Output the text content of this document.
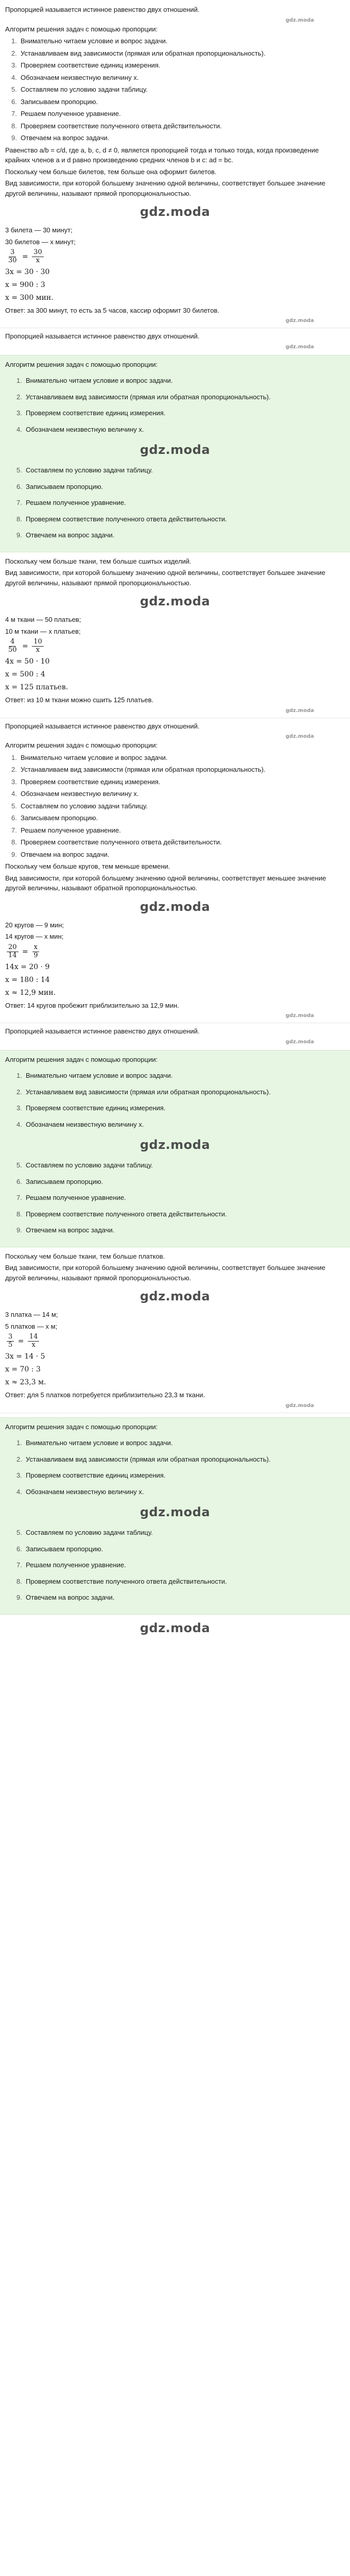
Пропорцией называется истинное равенство двух отношений.

gdz.moda
Алгоритм решения задач с помощью пропорции:
1. Внимательно читаем условие и вопрос задачи.
2. Устанавливаем вид зависимости (прямая или обратная пропорциональность).
3. Проверяем соответствие единиц измерения.
4. Обозначаем неизвестную величину x.
5. Составляем по условию задачи таблицу.
6. Записываем пропорцию.
7. Решаем полученное уравнение.
8. Проверяем соответствие полученного ответа действительности.
9. Отвечаем на вопрос задачи.

Равенство a/b = c/d, где a, b, c, d ≠ 0, является пропорцией тогда и только тогда, когда произведение крайних членов a и d равно произведению средних членов b и c: ad = bc.

Поскольку чем больше билетов, тем больше она оформит билетов.

Вид зависимости, при которой большему значению одной величины, соответствует большее значение другой величины, называют прямой пропорциональностью.

gdz.moda

3 билета — 30 минут;

30 билетов — x минут;

$\frac{3}{30} = \frac{30}{x}$
3x = 30 · 30
x = 900 : 3
x = 300 мин.

Ответ: за 300 минут, то есть за 5 часов, кассир оформит 30 билетов.

gdz.moda

Пропорцией называется истинное равенство двух отношений.

gdz.moda
Алгоритм решения задач с помощью пропорции:
1. Внимательно читаем условие и вопрос задачи.
2. Устанавливаем вид зависимости (прямая или обратная пропорциональность).
3. Проверяем соответствие единиц измерения.
4. Обозначаем неизвестную величину x.
gdz.moda
5. Составляем по условию задачи таблицу.
6. Записываем пропорцию.
7. Решаем полученное уравнение.
8. Проверяем соответствие полученного ответа действительности.
9. Отвечаем на вопрос задачи.

Поскольку чем больше ткани, тем больше сшитых изделий.

Вид зависимости, при которой большему значению одной величины, соответствует большее значение другой величины, называют прямой пропорциональностью.

gdz.moda

4 м ткани — 50 платьев;

10 м ткани — x платьев;

$\frac{4}{50} = \frac{10}{x}$
4x = 50 · 10
x = 500 : 4
x = 125 платьев.

Ответ: из 10 м ткани можно сшить 125 платьев.

gdz.moda

Пропорцией называется истинное равенство двух отношений.

gdz.moda
Алгоритм решения задач с помощью пропорции:
1. Внимательно читаем условие и вопрос задачи.
2. Устанавливаем вид зависимости (прямая или обратная пропорциональность).
3. Проверяем соответствие единиц измерения.
4. Обозначаем неизвестную величину x.
5. Составляем по условию задачи таблицу.
6. Записываем пропорцию.
7. Решаем полученное уравнение.
8. Проверяем соответствие полученного ответа действительности.
9. Отвечаем на вопрос задачи.

Поскольку чем больше кругов, тем меньше времени.

Вид зависимости, при которой большему значению одной величины, соответствует меньшее значение другой величины, называют обратной пропорциональностью.

gdz.moda

20 кругов — 9 мин;

14 кругов — x мин;

$\frac{20}{14} = \frac{x}{9}$
14x = 20 · 9
x = 180 : 14
x ≈ 12,9 мин.

Ответ: 14 кругов пробежит приблизительно за 12,9 мин.

gdz.moda

Пропорцией называется истинное равенство двух отношений.

gdz.moda
Алгоритм решения задач с помощью пропорции:
1. Внимательно читаем условие и вопрос задачи.
2. Устанавливаем вид зависимости (прямая или обратная пропорциональность).
3. Проверяем соответствие единиц измерения.
4. Обозначаем неизвестную величину x.
gdz.moda
5. Составляем по условию задачи таблицу.
6. Записываем пропорцию.
7. Решаем полученное уравнение.
8. Проверяем соответствие полученного ответа действительности.
9. Отвечаем на вопрос задачи.

Поскольку чем больше ткани, тем больше платков.

Вид зависимости, при которой большему значению одной величины, соответствует большее значение другой величины, называют прямой пропорциональностью.

gdz.moda

3 платка — 14 м;

5 платков — x м;

$\frac{3}{5} = \frac{14}{x}$
3x = 14 · 5
x = 70 : 3
x ≈ 23,3 м.

Ответ: для 5 платков потребуется приблизительно 23,3 м ткани.

gdz.moda
Алгоритм решения задач с помощью пропорции:
1. Внимательно читаем условие и вопрос задачи.
2. Устанавливаем вид зависимости (прямая или обратная пропорциональность).
3. Проверяем соответствие единиц измерения.
4. Обозначаем неизвестную величину x.
gdz.moda
5. Составляем по условию задачи таблицу.
6. Записываем пропорцию.
7. Решаем полученное уравнение.
8. Проверяем соответствие полученного ответа действительности.
9. Отвечаем на вопрос задачи.
gdz.moda
